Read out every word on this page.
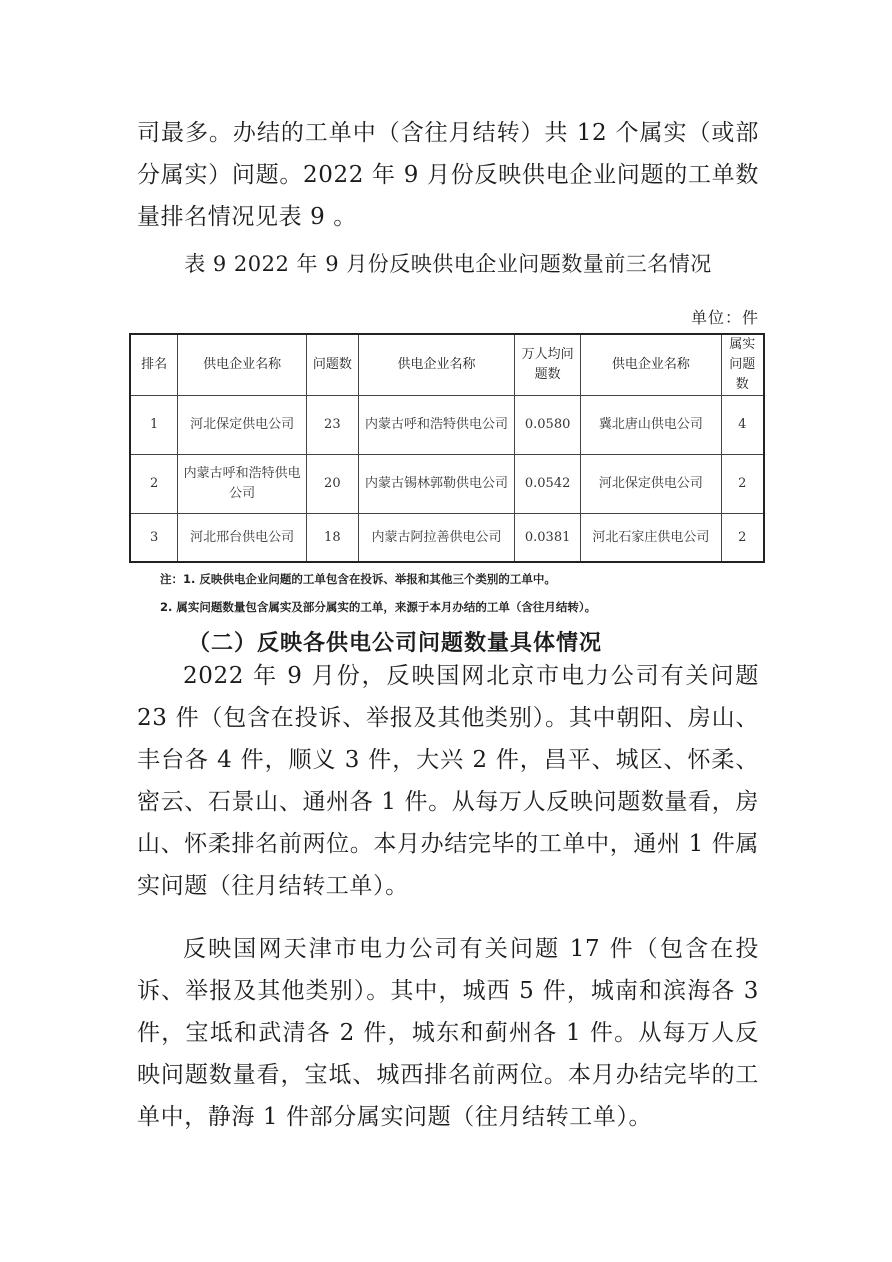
司最多。办结的工单中（含往月结转）共 12 个属实（或部分属实）问题。2022 年 9 月份反映供电企业问题的工单数量排名情况见表 9 。

表 9 2022 年 9 月份反映供电企业问题数量前三名情况
单位：件
排名	供电企业名称	问题数	供电企业名称	万人均问题数	供电企业名称	属实问题数
1	河北保定供电公司	23	内蒙古呼和浩特供电公司	0.0580	冀北唐山供电公司	4
2	内蒙古呼和浩特供电公司	20	内蒙古锡林郭勒供电公司	0.0542	河北保定供电公司	2
3	河北邢台供电公司	18	内蒙古阿拉善供电公司	0.0381	河北石家庄供电公司	2
注：1. 反映供电企业问题的工单包含在投诉、举报和其他三个类别的工单中。
2. 属实问题数量包含属实及部分属实的工单，来源于本月办结的工单（含往月结转）。
（二）反映各供电公司问题数量具体情况

2022 年 9 月份，反映国网北京市电力公司有关问题 23 件（包含在投诉、举报及其他类别）。其中朝阳、房山、丰台各 4 件，顺义 3 件，大兴 2 件，昌平、城区、怀柔、密云、石景山、通州各 1 件。从每万人反映问题数量看，房山、怀柔排名前两位。本月办结完毕的工单中，通州 1 件属实问题（往月结转工单）。

反映国网天津市电力公司有关问题 17 件（包含在投诉、举报及其他类别）。其中，城西 5 件，城南和滨海各 3 件，宝坻和武清各 2 件，城东和蓟州各 1 件。从每万人反映问题数量看，宝坻、城西排名前两位。本月办结完毕的工单中，静海 1 件部分属实问题（往月结转工单）。
